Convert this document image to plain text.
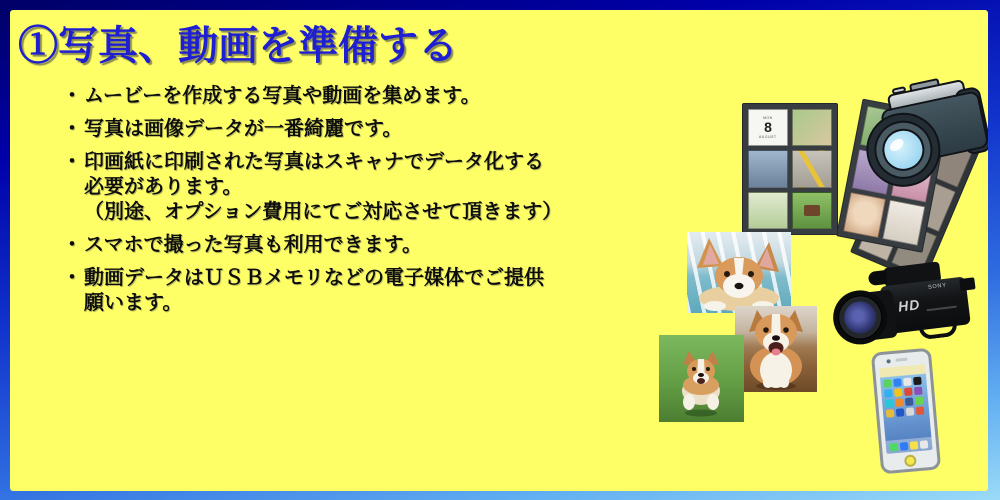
①写真、動画を準備する
・ ムービーを作成する写真や動画を集めます。
・ 写真は画像データが一番綺麗です。
・ 印画紙に印刷された写真はスキャナでデータ化する
必要があります。
（別途、オプション費用にてご対応させて頂きます）
・ スマホで撮った写真も利用できます。
・ 動画データはＵＳＢメモリなどの電子媒体でご提供
願います。
MON
8
AUGUST
HD
SONY
